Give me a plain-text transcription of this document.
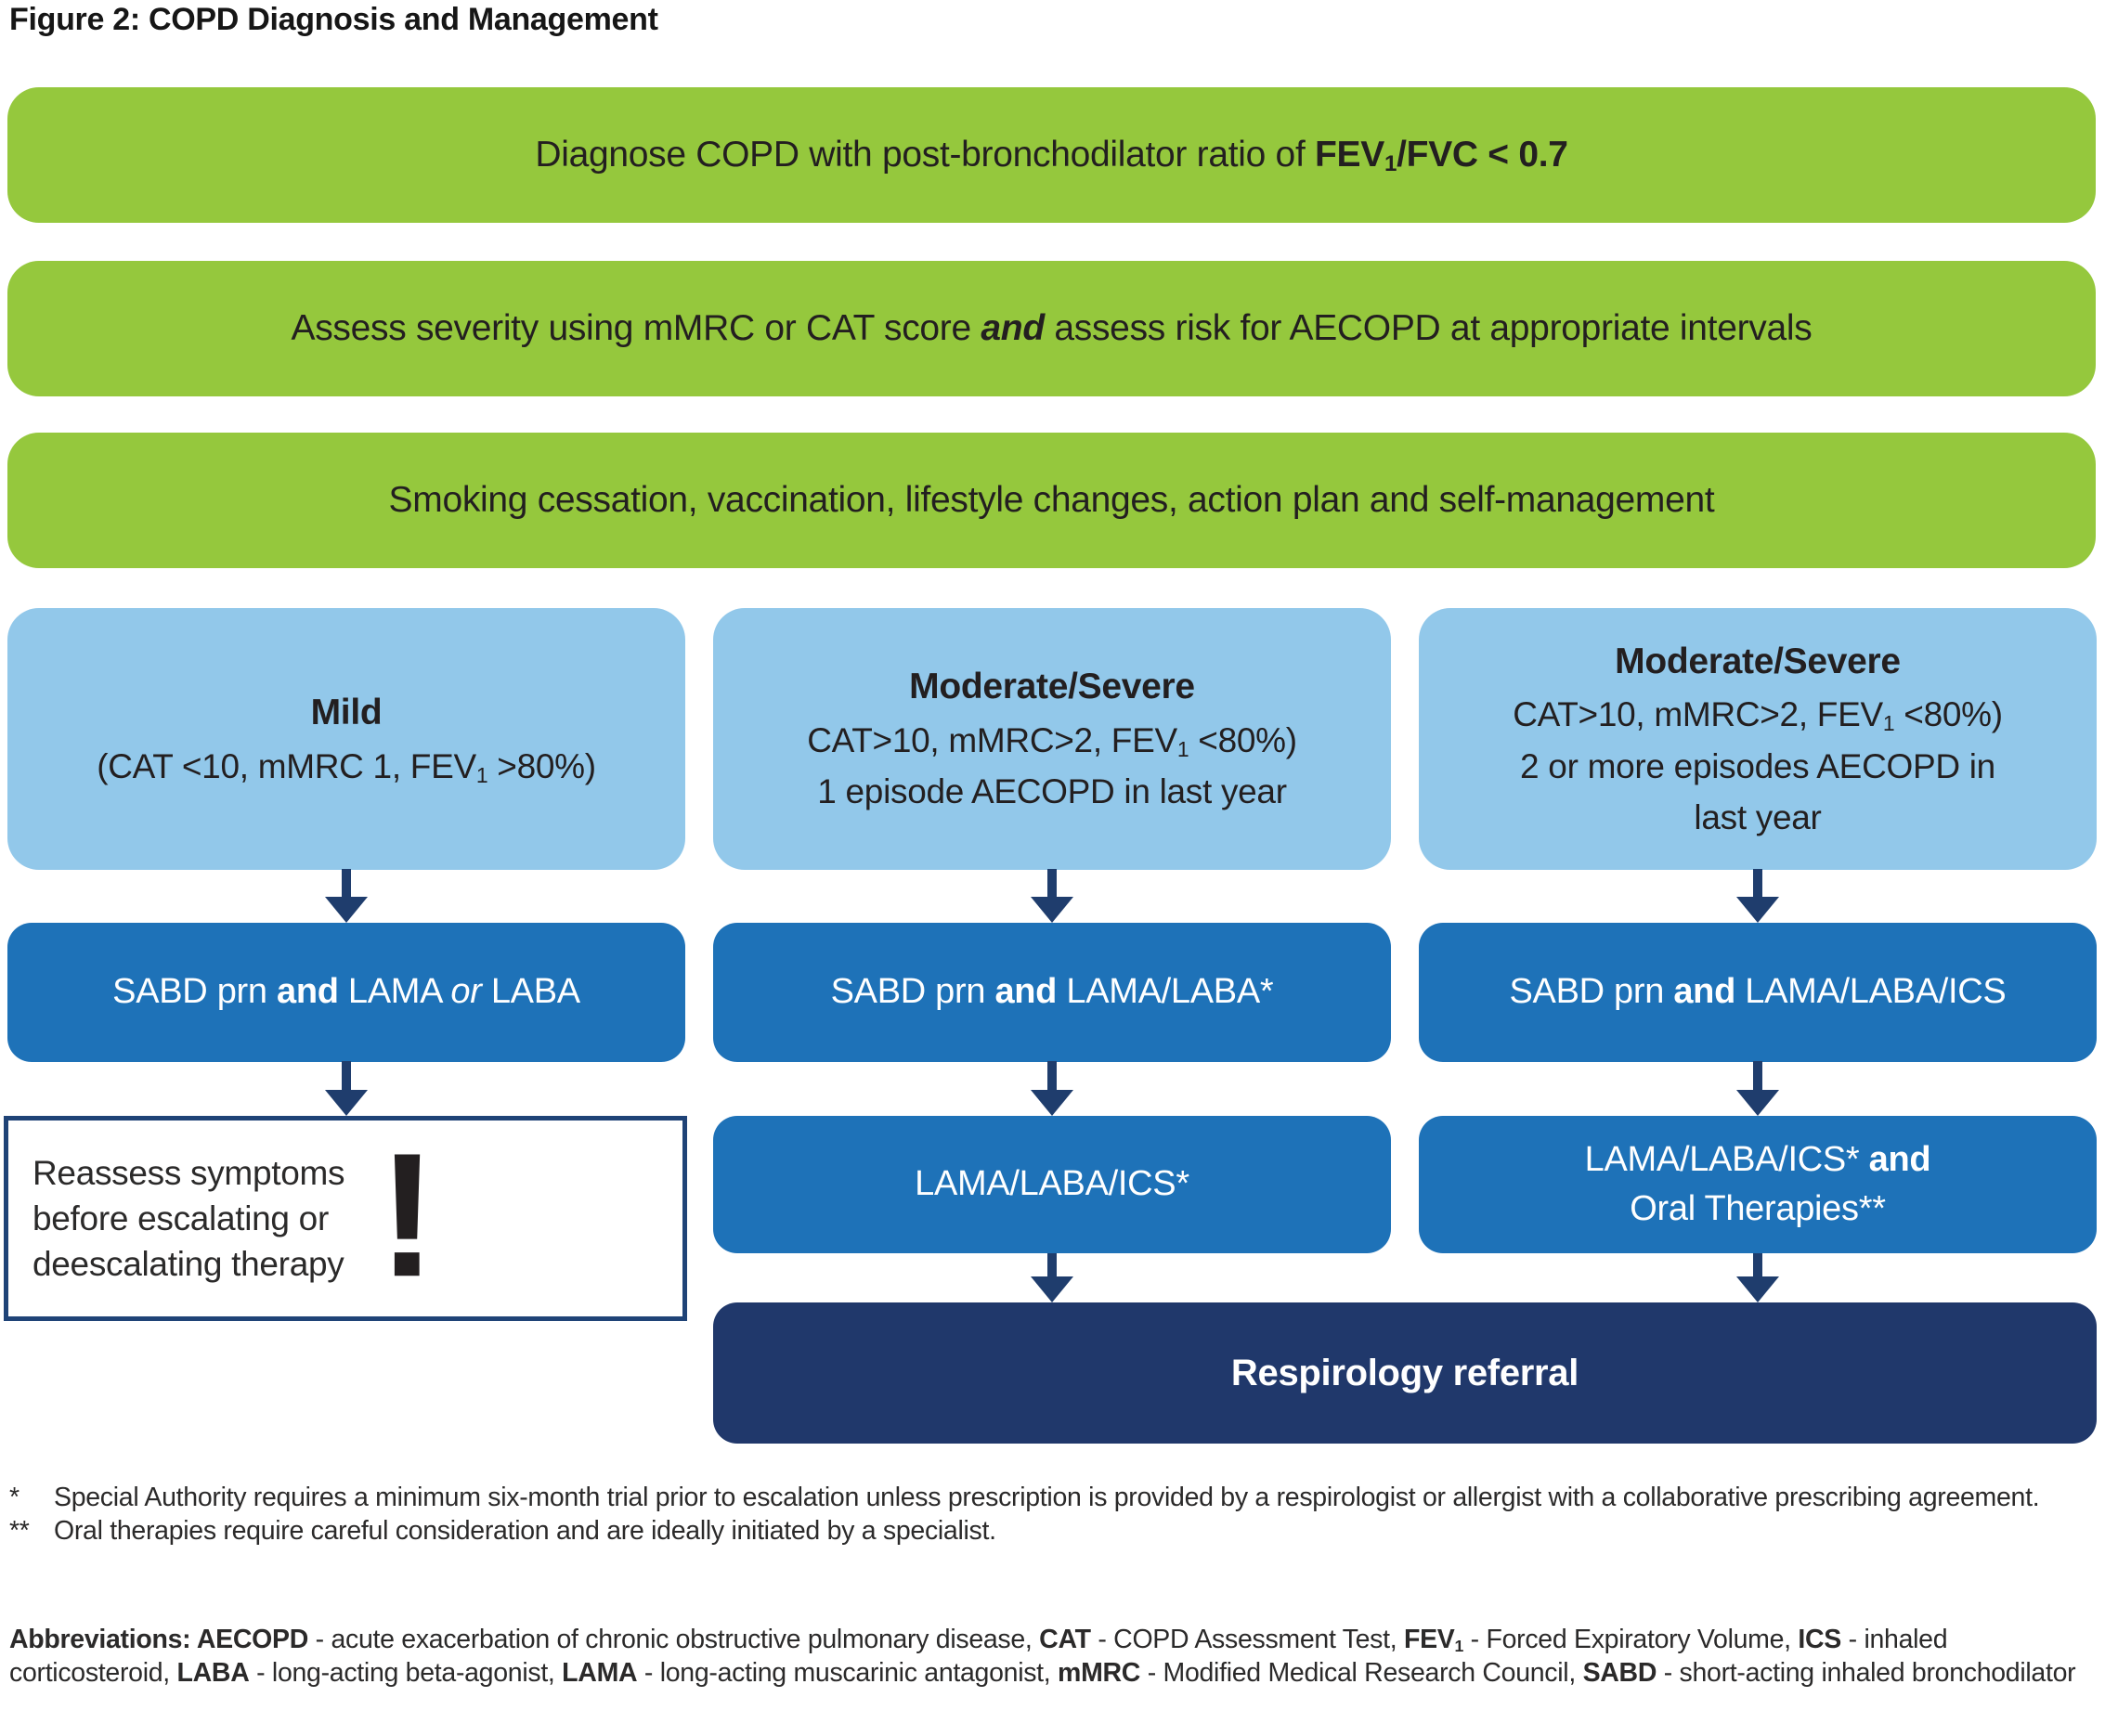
Figure 2: COPD Diagnosis and Management
Diagnose COPD with post-bronchodilator ratio of $FEV_1$/FVC < 0.7
Assess severity using mMRC or CAT score and assess risk for AECOPD at appropriate intervals
Smoking cessation, vaccination, lifestyle changes, action plan and self-management
Mild
(CAT <10, mMRC 1, $FEV_1 >80\%$)
Moderate/Severe
CAT>10, mMRC>2, $FEV_1 <80\%$)
1 episode AECOPD in last year
Moderate/Severe
CAT>10, mMRC>2, $FEV_1 <80\%$)
2 or more episodes AECOPD in
last year
SABD prn and LAMA or LABA	SABD prn and LAMA/LABA*	SABD prn and LAMA/LABA/ICS
Reassess symptoms
before escalating or
deescalating therapy !	LAMA/LABA/ICS*
LAMA/LABA/ICS* and
Oral Therapies**
Respirology referral
*	Special Authority requires a minimum six-month trial prior to escalation unless prescription is provided by a respirologist or allergist with a collaborative prescribing agreement.
** Oral therapies require careful consideration and are ideally initiated by a specialist.
Abbreviations: AECOPD - acute exacerbation of chronic obstructive pulmonary disease, CAT - COPD Assessment Test, $FEV_1$ - Forced Expiratory Volume, ICS - inhaled corticosteroid, LABA - long-acting beta-agonist, LAMA - long-acting muscarinic antagonist, mMRC - Modified Medical Research Council, SABD - short-acting inhaled bronchodilator
